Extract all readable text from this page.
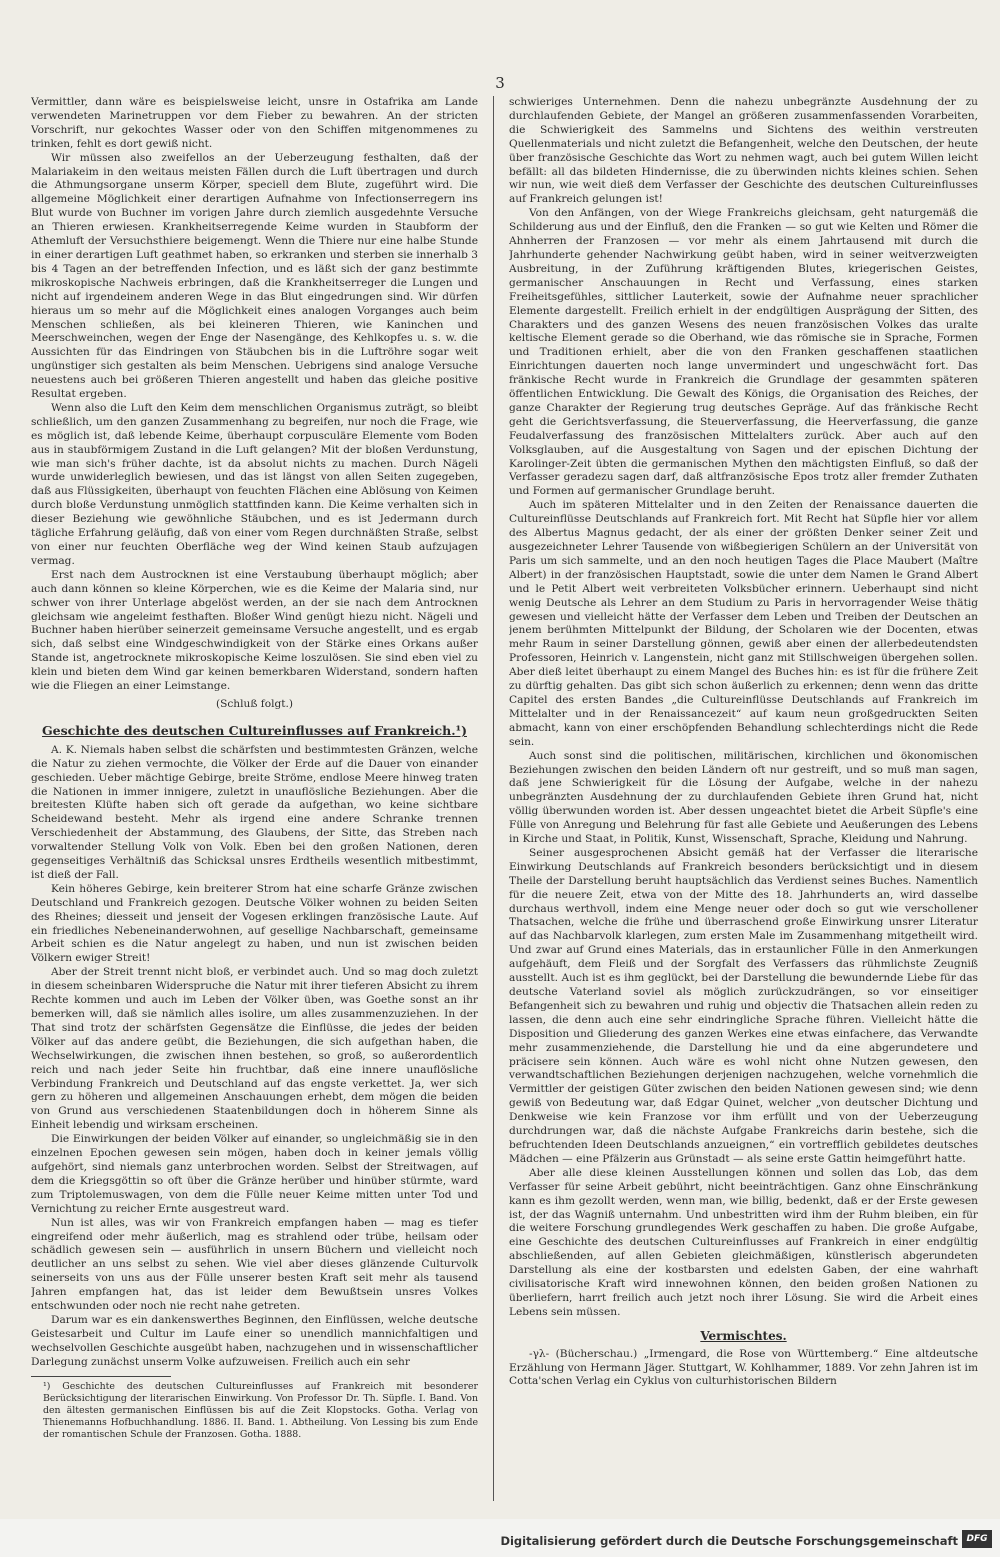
3

Vermittler, dann wäre es beispielsweise leicht, unsre in Ostafrika am Lande verwendeten Marinetruppen vor dem Fieber zu bewahren. An der stricten Vorschrift, nur gekochtes Wasser oder von den Schiffen mitgenommenes zu trinken, fehlt es dort gewiß nicht.

Wir müssen also zweifellos an der Ueberzeugung festhalten, daß der Malariakeim in den weitaus meisten Fällen durch die Luft übertragen und durch die Athmungsorgane unserm Körper, speciell dem Blute, zugeführt wird. Die allgemeine Möglichkeit einer derartigen Aufnahme von Infectionserregern ins Blut wurde von Buchner im vorigen Jahre durch ziemlich ausgedehnte Versuche an Thieren erwiesen. Krankheitserregende Keime wurden in Staubform der Athemluft der Versuchsthiere beigemengt. Wenn die Thiere nur eine halbe Stunde in einer derartigen Luft geathmet haben, so erkranken und sterben sie innerhalb 3 bis 4 Tagen an der betreffenden Infection, und es läßt sich der ganz bestimmte mikroskopische Nachweis erbringen, daß die Krankheitserreger die Lungen und nicht auf irgendeinem anderen Wege in das Blut eingedrungen sind. Wir dürfen hieraus um so mehr auf die Möglichkeit eines analogen Vorganges auch beim Menschen schließen, als bei kleineren Thieren, wie Kaninchen und Meerschweinchen, wegen der Enge der Nasengänge, des Kehlkopfes u. s. w. die Aussichten für das Eindringen von Stäubchen bis in die Luftröhre sogar weit ungünstiger sich gestalten als beim Menschen. Uebrigens sind analoge Versuche neuestens auch bei größeren Thieren angestellt und haben das gleiche positive Resultat ergeben.

Wenn also die Luft den Keim dem menschlichen Organismus zuträgt, so bleibt schließlich, um den ganzen Zusammenhang zu begreifen, nur noch die Frage, wie es möglich ist, daß lebende Keime, überhaupt corpusculäre Elemente vom Boden aus in staubförmigem Zustand in die Luft gelangen? Mit der bloßen Verdunstung, wie man sich's früher dachte, ist da absolut nichts zu machen. Durch Nägeli wurde unwiderleglich bewiesen, und das ist längst von allen Seiten zugegeben, daß aus Flüssigkeiten, überhaupt von feuchten Flächen eine Ablösung von Keimen durch bloße Verdunstung unmöglich stattfinden kann. Die Keime verhalten sich in dieser Beziehung wie gewöhnliche Stäubchen, und es ist Jedermann durch tägliche Erfahrung geläufig, daß von einer vom Regen durchnäßten Straße, selbst von einer nur feuchten Oberfläche weg der Wind keinen Staub aufzujagen vermag.

Erst nach dem Austrocknen ist eine Verstaubung überhaupt möglich; aber auch dann können so kleine Körperchen, wie es die Keime der Malaria sind, nur schwer von ihrer Unterlage abgelöst werden, an der sie nach dem Antrocknen gleichsam wie angeleimt festhaften. Bloßer Wind genügt hiezu nicht. Nägeli und Buchner haben hierüber seinerzeit gemeinsame Versuche angestellt, und es ergab sich, daß selbst eine Windgeschwindigkeit von der Stärke eines Orkans außer Stande ist, angetrocknete mikroskopische Keime loszulösen. Sie sind eben viel zu klein und bieten dem Wind gar keinen bemerkbaren Widerstand, sondern haften wie die Fliegen an einer Leimstange.

(Schluß folgt.)

Geschichte des deutschen Cultureinflusses auf Frankreich.¹)

A. K. Niemals haben selbst die schärfsten und bestimmtesten Gränzen, welche die Natur zu ziehen vermochte, die Völker der Erde auf die Dauer von einander geschieden. Ueber mächtige Gebirge, breite Ströme, endlose Meere hinweg traten die Nationen in immer innigere, zuletzt in unauflösliche Beziehungen. Aber die breitesten Klüfte haben sich oft gerade da aufgethan, wo keine sichtbare Scheidewand besteht. Mehr als irgend eine andere Schranke trennen Verschiedenheit der Abstammung, des Glaubens, der Sitte, das Streben nach vorwaltender Stellung Volk von Volk. Eben bei den großen Nationen, deren gegenseitiges Verhältniß das Schicksal unsres Erdtheils wesentlich mitbestimmt, ist dieß der Fall.

Kein höheres Gebirge, kein breiterer Strom hat eine scharfe Gränze zwischen Deutschland und Frankreich gezogen. Deutsche Völker wohnen zu beiden Seiten des Rheines; diesseit und jenseit der Vogesen erklingen französische Laute. Auf ein friedliches Nebeneinanderwohnen, auf gesellige Nachbarschaft, gemeinsame Arbeit schien es die Natur angelegt zu haben, und nun ist zwischen beiden Völkern ewiger Streit!

Aber der Streit trennt nicht bloß, er verbindet auch. Und so mag doch zuletzt in diesem scheinbaren Widerspruche die Natur mit ihrer tieferen Absicht zu ihrem Rechte kommen und auch im Leben der Völker üben, was Goethe sonst an ihr bemerken will, daß sie nämlich alles isolire, um alles zusammenzuziehen. In der That sind trotz der schärfsten Gegensätze die Einflüsse, die jedes der beiden Völker auf das andere geübt, die Beziehungen, die sich aufgethan haben, die Wechselwirkungen, die zwischen ihnen bestehen, so groß, so außerordentlich reich und nach jeder Seite hin fruchtbar, daß eine innere unauflösliche Verbindung Frankreich und Deutschland auf das engste verkettet. Ja, wer sich gern zu höheren und allgemeinen Anschauungen erhebt, dem mögen die beiden von Grund aus verschiedenen Staatenbildungen doch in höherem Sinne als Einheit lebendig und wirksam erscheinen.

Die Einwirkungen der beiden Völker auf einander, so ungleichmäßig sie in den einzelnen Epochen gewesen sein mögen, haben doch in keiner jemals völlig aufgehört, sind niemals ganz unterbrochen worden. Selbst der Streitwagen, auf dem die Kriegsgöttin so oft über die Gränze herüber und hinüber stürmte, ward zum Triptolemuswagen, von dem die Fülle neuer Keime mitten unter Tod und Vernichtung zu reicher Ernte ausgestreut ward.

Nun ist alles, was wir von Frankreich empfangen haben — mag es tiefer eingreifend oder mehr äußerlich, mag es strahlend oder trübe, heilsam oder schädlich gewesen sein — ausführlich in unsern Büchern und vielleicht noch deutlicher an uns selbst zu sehen. Wie viel aber dieses glänzende Culturvolk seinerseits von uns aus der Fülle unserer besten Kraft seit mehr als tausend Jahren empfangen hat, das ist leider dem Bewußtsein unsres Volkes entschwunden oder noch nie recht nahe getreten.

Darum war es ein dankenswerthes Beginnen, den Einflüssen, welche deutsche Geistesarbeit und Cultur im Laufe einer so unendlich mannichfaltigen und wechselvollen Geschichte ausgeübt haben, nachzugehen und in wissenschaftlicher Darlegung zunächst unserm Volke aufzuweisen. Freilich auch ein sehr

¹) Geschichte des deutschen Cultureinflusses auf Frankreich mit besonderer Berücksichtigung der literarischen Einwirkung. Von Professor Dr. Th. Süpfle. I. Band. Von den ältesten germanischen Einflüssen bis auf die Zeit Klopstocks. Gotha. Verlag von Thienemanns Hofbuchhandlung. 1886. II. Band. 1. Abtheilung. Von Lessing bis zum Ende der romantischen Schule der Franzosen. Gotha. 1888.

schwieriges Unternehmen. Denn die nahezu unbegränzte Ausdehnung der zu durchlaufenden Gebiete, der Mangel an größeren zusammenfassenden Vorarbeiten, die Schwierigkeit des Sammelns und Sichtens des weithin verstreuten Quellenmaterials und nicht zuletzt die Befangenheit, welche den Deutschen, der heute über französische Geschichte das Wort zu nehmen wagt, auch bei gutem Willen leicht befällt: all das bildeten Hindernisse, die zu überwinden nichts kleines schien. Sehen wir nun, wie weit dieß dem Verfasser der Geschichte des deutschen Cultureinflusses auf Frankreich gelungen ist!

Von den Anfängen, von der Wiege Frankreichs gleichsam, geht naturgemäß die Schilderung aus und der Einfluß, den die Franken — so gut wie Kelten und Römer die Ahnherren der Franzosen — vor mehr als einem Jahrtausend mit durch die Jahrhunderte gehender Nachwirkung geübt haben, wird in seiner weitverzweigten Ausbreitung, in der Zuführung kräftigenden Blutes, kriegerischen Geistes, germanischer Anschauungen in Recht und Verfassung, eines starken Freiheitsgefühles, sittlicher Lauterkeit, sowie der Aufnahme neuer sprachlicher Elemente dargestellt. Freilich erhielt in der endgültigen Ausprägung der Sitten, des Charakters und des ganzen Wesens des neuen französischen Volkes das uralte keltische Element gerade so die Oberhand, wie das römische sie in Sprache, Formen und Traditionen erhielt, aber die von den Franken geschaffenen staatlichen Einrichtungen dauerten noch lange unvermindert und ungeschwächt fort. Das fränkische Recht wurde in Frankreich die Grundlage der gesammten späteren öffentlichen Entwicklung. Die Gewalt des Königs, die Organisation des Reiches, der ganze Charakter der Regierung trug deutsches Gepräge. Auf das fränkische Recht geht die Gerichtsverfassung, die Steuerverfassung, die Heerverfassung, die ganze Feudalverfassung des französischen Mittelalters zurück. Aber auch auf den Volksglauben, auf die Ausgestaltung von Sagen und der epischen Dichtung der Karolinger-Zeit übten die germanischen Mythen den mächtigsten Einfluß, so daß der Verfasser geradezu sagen darf, daß altfranzösische Epos trotz aller fremder Zuthaten und Formen auf germanischer Grundlage beruht.

Auch im späteren Mittelalter und in den Zeiten der Renaissance dauerten die Cultureinflüsse Deutschlands auf Frankreich fort. Mit Recht hat Süpfle hier vor allem des Albertus Magnus gedacht, der als einer der größten Denker seiner Zeit und ausgezeichneter Lehrer Tausende von wißbegierigen Schülern an der Universität von Paris um sich sammelte, und an den noch heutigen Tages die Place Maubert (Maître Albert) in der französischen Hauptstadt, sowie die unter dem Namen le Grand Albert und le Petit Albert weit verbreiteten Volksbücher erinnern. Ueberhaupt sind nicht wenig Deutsche als Lehrer an dem Studium zu Paris in hervorragender Weise thätig gewesen und vielleicht hätte der Verfasser dem Leben und Treiben der Deutschen an jenem berühmten Mittelpunkt der Bildung, der Scholaren wie der Docenten, etwas mehr Raum in seiner Darstellung gönnen, gewiß aber einen der allerbedeutendsten Professoren, Heinrich v. Langenstein, nicht ganz mit Stillschweigen übergehen sollen. Aber dieß leitet überhaupt zu einem Mangel des Buches hin: es ist für die frühere Zeit zu dürftig gehalten. Das gibt sich schon äußerlich zu erkennen; denn wenn das dritte Capitel des ersten Bandes „die Cultureinflüsse Deutschlands auf Frankreich im Mittelalter und in der Renaissancezeit“ auf kaum neun großgedruckten Seiten abmacht, kann von einer erschöpfenden Behandlung schlechterdings nicht die Rede sein.

Auch sonst sind die politischen, militärischen, kirchlichen und ökonomischen Beziehungen zwischen den beiden Ländern oft nur gestreift, und so muß man sagen, daß jene Schwierigkeit für die Lösung der Aufgabe, welche in der nahezu unbegränzten Ausdehnung der zu durchlaufenden Gebiete ihren Grund hat, nicht völlig überwunden worden ist. Aber dessen ungeachtet bietet die Arbeit Süpfle's eine Fülle von Anregung und Belehrung für fast alle Gebiete und Aeußerungen des Lebens in Kirche und Staat, in Politik, Kunst, Wissenschaft, Sprache, Kleidung und Nahrung.

Seiner ausgesprochenen Absicht gemäß hat der Verfasser die literarische Einwirkung Deutschlands auf Frankreich besonders berücksichtigt und in diesem Theile der Darstellung beruht hauptsächlich das Verdienst seines Buches. Namentlich für die neuere Zeit, etwa von der Mitte des 18. Jahrhunderts an, wird dasselbe durchaus werthvoll, indem eine Menge neuer oder doch so gut wie verschollener Thatsachen, welche die frühe und überraschend große Einwirkung unsrer Literatur auf das Nachbarvolk klarlegen, zum ersten Male im Zusammenhang mitgetheilt wird. Und zwar auf Grund eines Materials, das in erstaunlicher Fülle in den Anmerkungen aufgehäuft, dem Fleiß und der Sorgfalt des Verfassers das rühmlichste Zeugniß ausstellt. Auch ist es ihm geglückt, bei der Darstellung die bewundernde Liebe für das deutsche Vaterland soviel als möglich zurückzudrängen, so vor einseitiger Befangenheit sich zu bewahren und ruhig und objectiv die Thatsachen allein reden zu lassen, die denn auch eine sehr eindringliche Sprache führen. Vielleicht hätte die Disposition und Gliederung des ganzen Werkes eine etwas einfachere, das Verwandte mehr zusammenziehende, die Darstellung hie und da eine abgerundetere und präcisere sein können. Auch wäre es wohl nicht ohne Nutzen gewesen, den verwandtschaftlichen Beziehungen derjenigen nachzugehen, welche vornehmlich die Vermittler der geistigen Güter zwischen den beiden Nationen gewesen sind; wie denn gewiß von Bedeutung war, daß Edgar Quinet, welcher „von deutscher Dichtung und Denkweise wie kein Franzose vor ihm erfüllt und von der Ueberzeugung durchdrungen war, daß die nächste Aufgabe Frankreichs darin bestehe, sich die befruchtenden Ideen Deutschlands anzueignen,“ ein vortrefflich gebildetes deutsches Mädchen — eine Pfälzerin aus Grünstadt — als seine erste Gattin heimgeführt hatte.

Aber alle diese kleinen Ausstellungen können und sollen das Lob, das dem Verfasser für seine Arbeit gebührt, nicht beeinträchtigen. Ganz ohne Einschränkung kann es ihm gezollt werden, wenn man, wie billig, bedenkt, daß er der Erste gewesen ist, der das Wagniß unternahm. Und unbestritten wird ihm der Ruhm bleiben, ein für die weitere Forschung grundlegendes Werk geschaffen zu haben. Die große Aufgabe, eine Geschichte des deutschen Cultureinflusses auf Frankreich in einer endgültig abschließenden, auf allen Gebieten gleichmäßigen, künstlerisch abgerundeten Darstellung als eine der kostbarsten und edelsten Gaben, der eine wahrhaft civilisatorische Kraft wird innewohnen können, den beiden großen Nationen zu überliefern, harrt freilich auch jetzt noch ihrer Lösung. Sie wird die Arbeit eines Lebens sein müssen.

Vermischtes.

-γλ- (Bücherschau.) „Irmengard, die Rose von Württemberg.“ Eine altdeutsche Erzählung von Hermann Jäger. Stuttgart, W. Kohlhammer, 1889. Vor zehn Jahren ist im Cotta'schen Verlag ein Cyklus von culturhistorischen Bildern

Digitalisierung gefördert durch die Deutsche Forschungsgemeinschaft DFG
